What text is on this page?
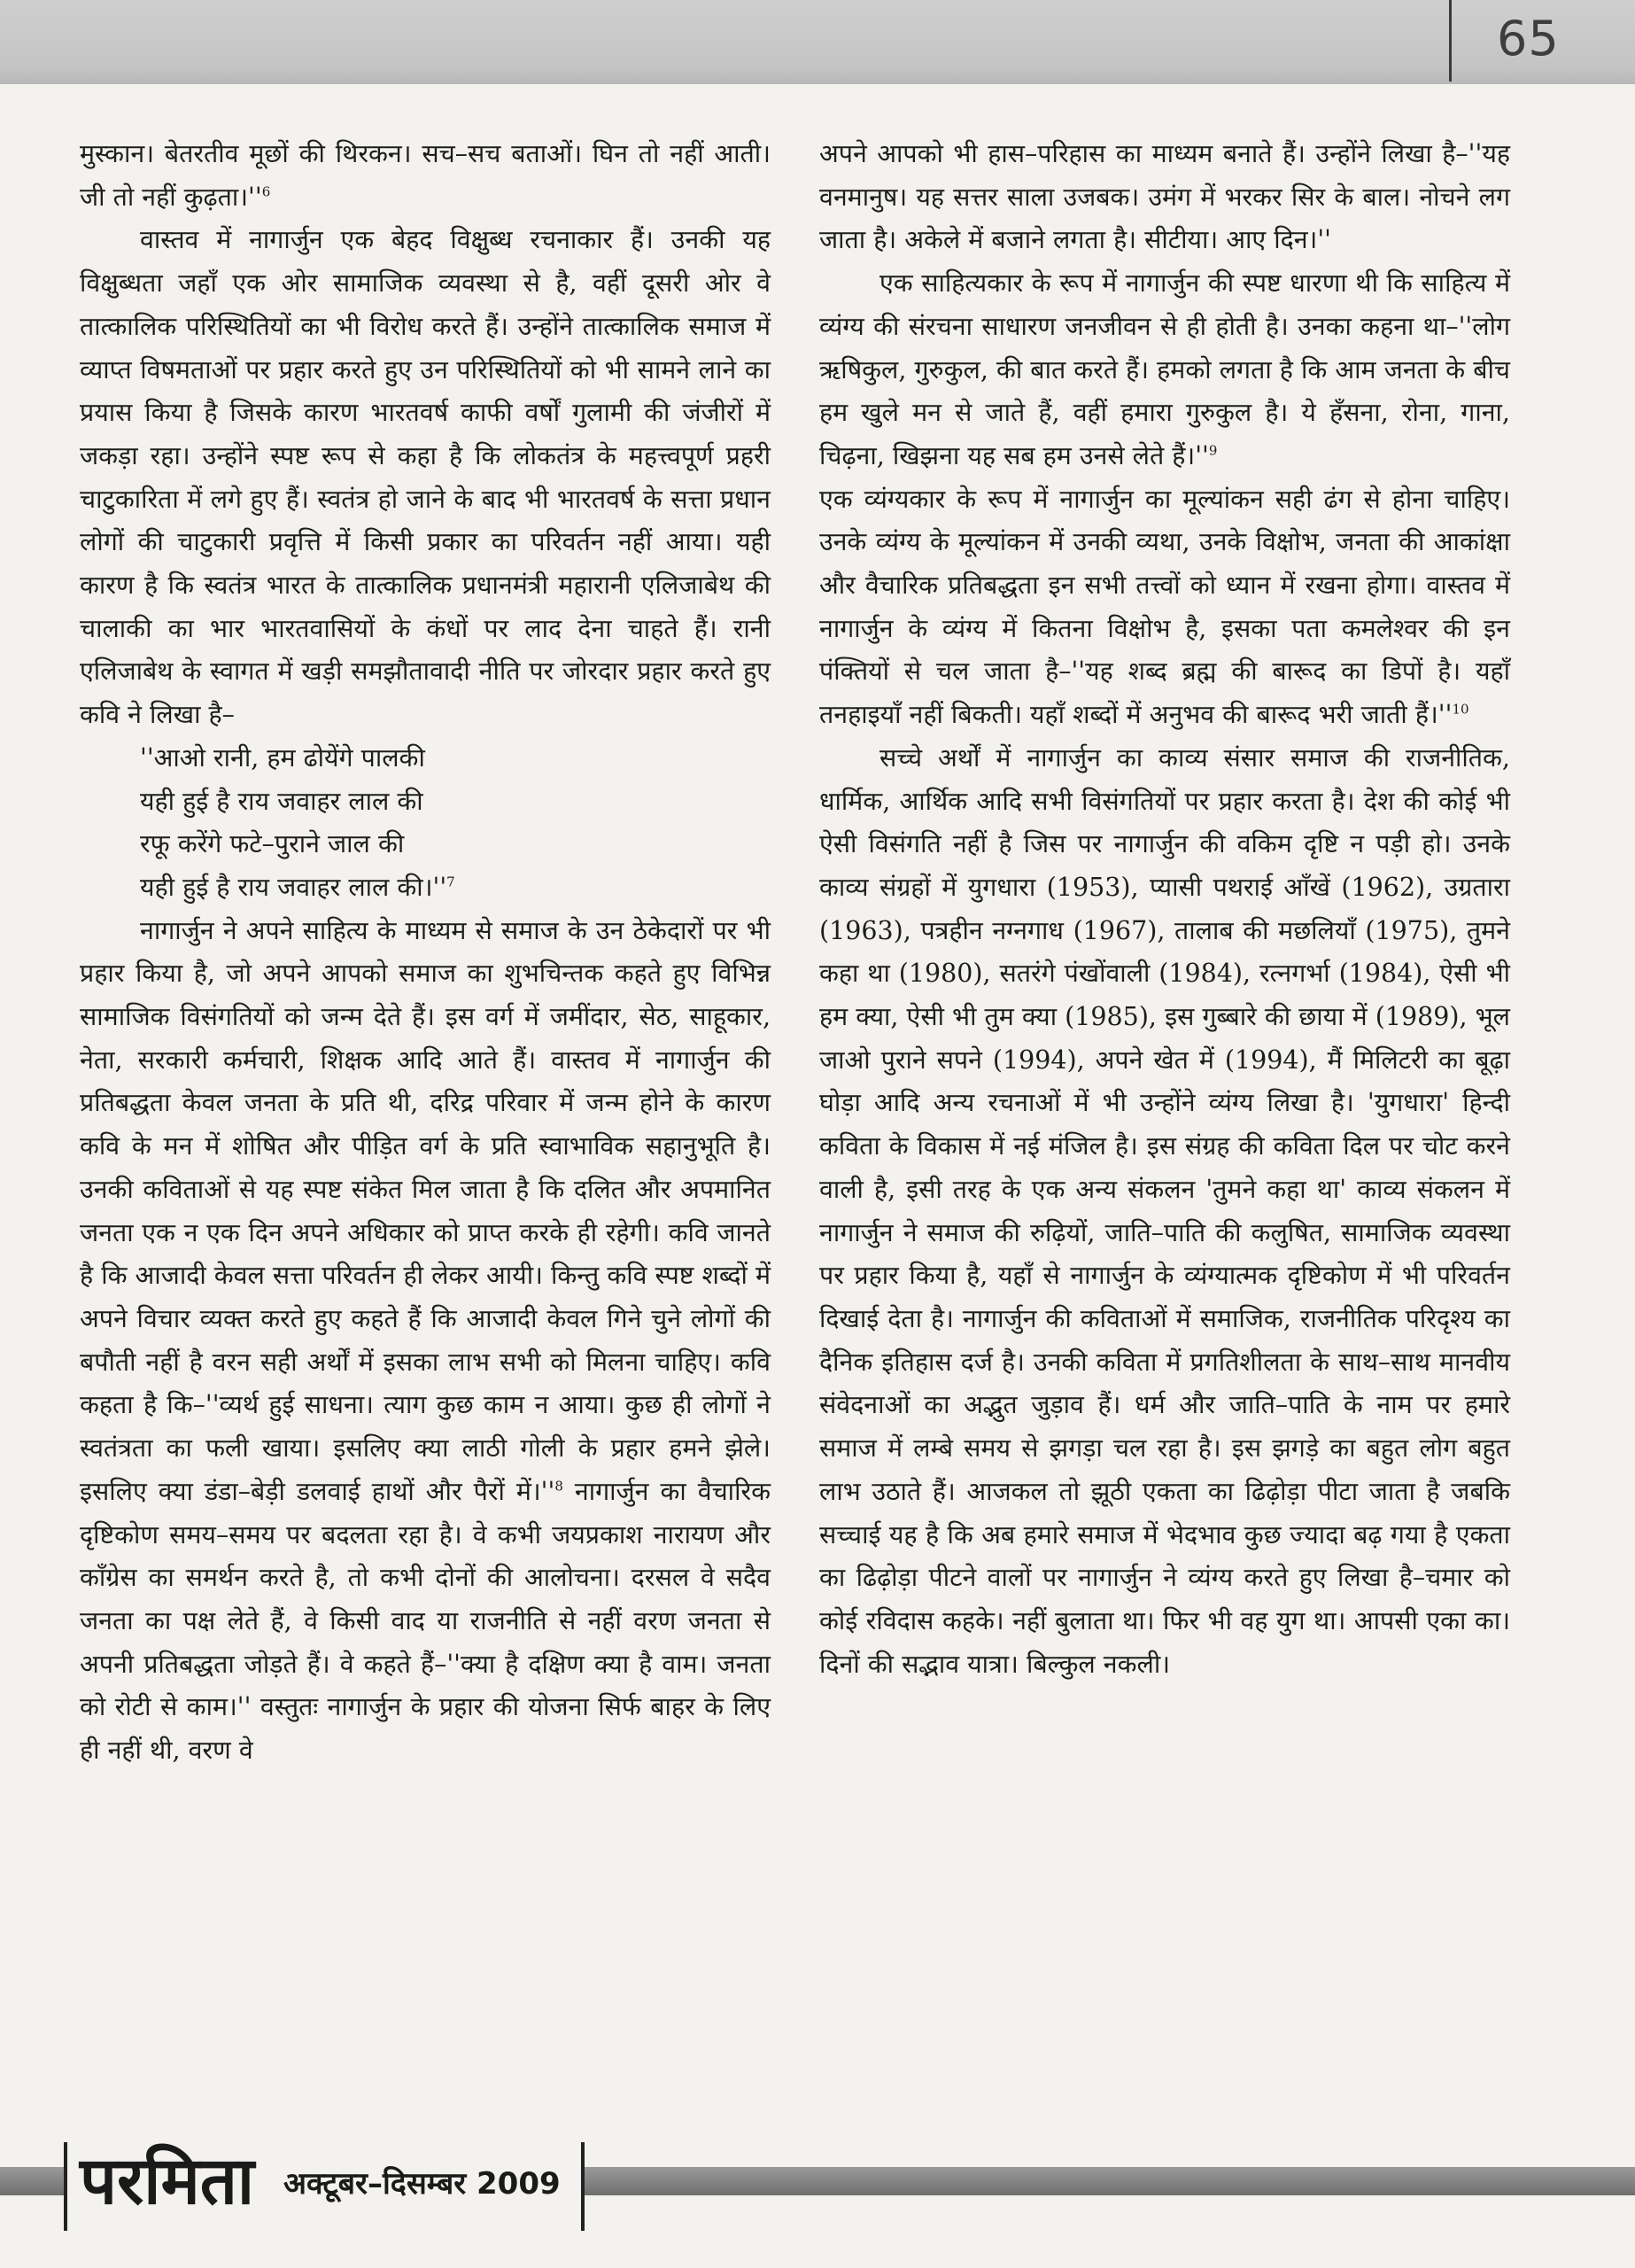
65

मुस्कान। बेतरतीव मूछों की थिरकन। सच–सच बताओं। घिन तो नहीं आती। जी तो नहीं $कुढ़ता।''^6$

वास्तव में नागार्जुन एक बेहद विक्षुब्ध रचनाकार हैं। उनकी यह विक्षुब्धता जहाँ एक ओर सामाजिक व्यवस्था से है, वहीं दूसरी ओर वे तात्कालिक परिस्थितियों का भी विरोध करते हैं। उन्होंने तात्कालिक समाज में व्याप्त विषमताओं पर प्रहार करते हुए उन परिस्थितियों को भी सामने लाने का प्रयास किया है जिसके कारण भारतवर्ष काफी वर्षों गुलामी की जंजीरों में जकड़ा रहा। उन्होंने स्पष्ट रूप से कहा है कि लोकतंत्र के महत्त्वपूर्ण प्रहरी चाटुकारिता में लगे हुए हैं। स्वतंत्र हो जाने के बाद भी भारतवर्ष के सत्ता प्रधान लोगों की चाटुकारी प्रवृत्ति में किसी प्रकार का परिवर्तन नहीं आया। यही कारण है कि स्वतंत्र भारत के तात्कालिक प्रधानमंत्री महारानी एलिजाबेथ की चालाकी का भार भारतवासियों के कंधों पर लाद देना चाहते हैं। रानी एलिजाबेथ के स्वागत में खड़ी समझौतावादी नीति पर जोरदार प्रहार करते हुए कवि ने लिखा है–

''आओ रानी, हम ढोयेंगे पालकी
यही हुई है राय जवाहर लाल की
रफू करेंगे फटे–पुराने जाल की
यही हुई है राय जवाहर लाल $की।''^7$

नागार्जुन ने अपने साहित्य के माध्यम से समाज के उन ठेकेदारों पर भी प्रहार किया है, जो अपने आपको समाज का शुभचिन्तक कहते हुए विभिन्न सामाजिक विसंगतियों को जन्म देते हैं। इस वर्ग में जमींदार, सेठ, साहूकार, नेता, सरकारी कर्मचारी, शिक्षक आदि आते हैं। वास्तव में नागार्जुन की प्रतिबद्धता केवल जनता के प्रति थी, दरिद्र परिवार में जन्म होने के कारण कवि के मन में शोषित और पीड़ित वर्ग के प्रति स्वाभाविक सहानुभूति है। उनकी कविताओं से यह स्पष्ट संकेत मिल जाता है कि दलित और अपमानित जनता एक न एक दिन अपने अधिकार को प्राप्त करके ही रहेगी। कवि जानते है कि आजादी केवल सत्ता परिवर्तन ही लेकर आयी। किन्तु कवि स्पष्ट शब्दों में अपने विचार व्यक्त करते हुए कहते हैं कि आजादी केवल गिने चुने लोगों की बपौती नहीं है वरन सही अर्थों में इसका लाभ सभी को मिलना चाहिए। कवि कहता है कि–''व्यर्थ हुई साधना। त्याग कुछ काम न आया। कुछ ही लोगों ने स्वतंत्रता का फली खाया। इसलिए क्या लाठी गोली के प्रहार हमने झेले। इसलिए क्या डंडा–बेड़ी डलवाई हाथों और पैरों $में।''^8$ नागार्जुन का वैचारिक दृष्टिकोण समय–समय पर बदलता रहा है। वे कभी जयप्रकाश नारायण और कॉंग्रेस का समर्थन करते है, तो कभी दोनों की आलोचना। दरसल वे सदैव जनता का पक्ष लेते हैं, वे किसी वाद या राजनीति से नहीं वरण जनता से अपनी प्रतिबद्धता जोड़ते हैं। वे कहते हैं–''क्या है दक्षिण क्या है वाम। जनता को रोटी से काम।'' वस्तुतः नागार्जुन के प्रहार की योजना सिर्फ बाहर के लिए ही नहीं थी, वरण वे

अपने आपको भी हास–परिहास का माध्यम बनाते हैं। उन्होंने लिखा है–''यह वनमानुष। यह सत्तर साला उजबक। उमंग में भरकर सिर के बाल। नोचने लग जाता है। अकेले में बजाने लगता है। सीटीया। आए दिन।''

एक साहित्यकार के रूप में नागार्जुन की स्पष्ट धारणा थी कि साहित्य में व्यंग्य की संरचना साधारण जनजीवन से ही होती है। उनका कहना था–''लोग ऋषिकुल, गुरुकुल, की बात करते हैं। हमको लगता है कि आम जनता के बीच हम खुले मन से जाते हैं, वहीं हमारा गुरुकुल है। ये हँसना, रोना, गाना, चिढ़ना, खिझना यह सब हम उनसे लेते $हैं।''^9$

एक व्यंग्यकार के रूप में नागार्जुन का मूल्यांकन सही ढंग से होना चाहिए। उनके व्यंग्य के मूल्यांकन में उनकी व्यथा, उनके विक्षोभ, जनता की आकांक्षा और वैचारिक प्रतिबद्धता इन सभी तत्त्वों को ध्यान में रखना होगा। वास्तव में नागार्जुन के व्यंग्य में कितना विक्षोभ है, इसका पता कमलेश्वर की इन पंक्तियों से चल जाता है–''यह शब्द ब्रह्म की बारूद का डिपों है। यहाँ तनहाइयाँ नहीं बिकती। यहाँ शब्दों में अनुभव की बारूद भरी जाती $हैं।''^{10}$

सच्चे अर्थों में नागार्जुन का काव्य संसार समाज की राजनीतिक, धार्मिक, आर्थिक आदि सभी विसंगतियों पर प्रहार करता है। देश की कोई भी ऐसी विसंगति नहीं है जिस पर नागार्जुन की वकिम दृष्टि न पड़ी हो। उनके काव्य संग्रहों में युगधारा (1953), प्यासी पथराई आँखें (1962), उग्रतारा (1963), पत्रहीन नग्नगाध (1967), तालाब की मछलियाँ (1975), तुमने कहा था (1980), सतरंगे पंखोंवाली (1984), रत्नगर्भा (1984), ऐसी भी हम क्या, ऐसी भी तुम क्या (1985), इस गुब्बारे की छाया में (1989), भूल जाओ पुराने सपने (1994), अपने खेत में (1994), मैं मिलिटरी का बूढ़ा घोड़ा आदि अन्य रचनाओं में भी उन्होंने व्यंग्य लिखा है। 'युगधारा' हिन्दी कविता के विकास में नई मंजिल है। इस संग्रह की कविता दिल पर चोट करने वाली है, इसी तरह के एक अन्य संकलन 'तुमने कहा था' काव्य संकलन में नागार्जुन ने समाज की रुढ़ियों, जाति–पाति की कलुषित, सामाजिक व्यवस्था पर प्रहार किया है, यहाँ से नागार्जुन के व्यंग्यात्मक दृष्टिकोण में भी परिवर्तन दिखाई देता है। नागार्जुन की कविताओं में समाजिक, राजनीतिक परिदृश्य का दैनिक इतिहास दर्ज है। उनकी कविता में प्रगतिशीलता के साथ–साथ मानवीय संवेदनाओं का अद्भुत जुड़ाव हैं। धर्म और जाति–पाति के नाम पर हमारे समाज में लम्बे समय से झगड़ा चल रहा है। इस झगड़े का बहुत लोग बहुत लाभ उठाते हैं। आजकल तो झूठी एकता का ढिढ़ोड़ा पीटा जाता है जबकि सच्चाई यह है कि अब हमारे समाज में भेदभाव कुछ ज्यादा बढ़ गया है एकता का ढिढ़ोड़ा पीटने वालों पर नागार्जुन ने व्यंग्य करते हुए लिखा है–चमार को कोई रविदास कहके। नहीं बुलाता था। फिर भी वह युग था। आपसी एका का। दिनों की सद्भाव यात्रा। बिल्कुल नकली।

परमिता अक्टूबर–दिसम्बर 2009
